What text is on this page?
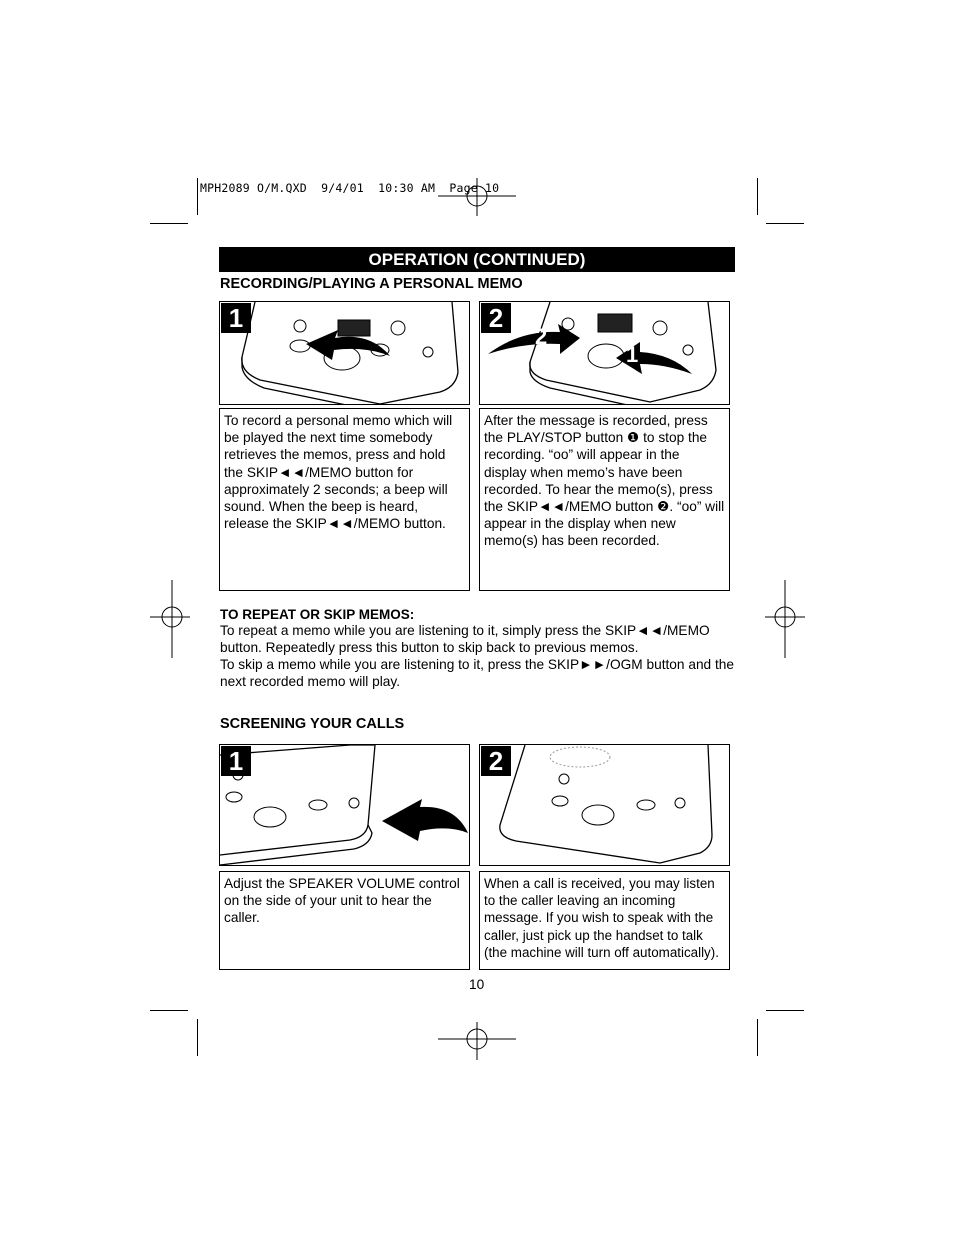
MPH2089 O/M.QXD  9/4/01  10:30 AM  Page 10
OPERATION (CONTINUED)
RECORDING/PLAYING A PERSONAL MEMO
1	2
2
1
To record a personal memo which will be played the next time somebody retrieves the memos, press and hold the SKIP◄◄/MEMO button for approximately 2 seconds; a beep will sound. When the beep is heard, release the SKIP◄◄/MEMO button.
After the message is recorded, press the PLAY/STOP button ❶ to stop the recording. “oo” will appear in the display when memo’s have been recorded. To hear the memo(s), press the SKIP◄◄/MEMO button ❷. “oo” will appear in the display when new memo(s) has been recorded.
TO REPEAT OR SKIP MEMOS:
To repeat a memo while you are listening to it, simply press the SKIP◄◄/MEMO button. Repeatedly press this button to skip back to previous memos.
To skip a memo while you are listening to it, press the SKIP►►/OGM button and the next recorded memo will play.
SCREENING YOUR CALLS
1	2
Adjust the SPEAKER VOLUME control on the side of your unit to hear the caller.
When a call is received, you may listen to the caller leaving an incoming message. If you wish to speak with the caller, just pick up the handset to talk (the machine will turn off automatically).
10
